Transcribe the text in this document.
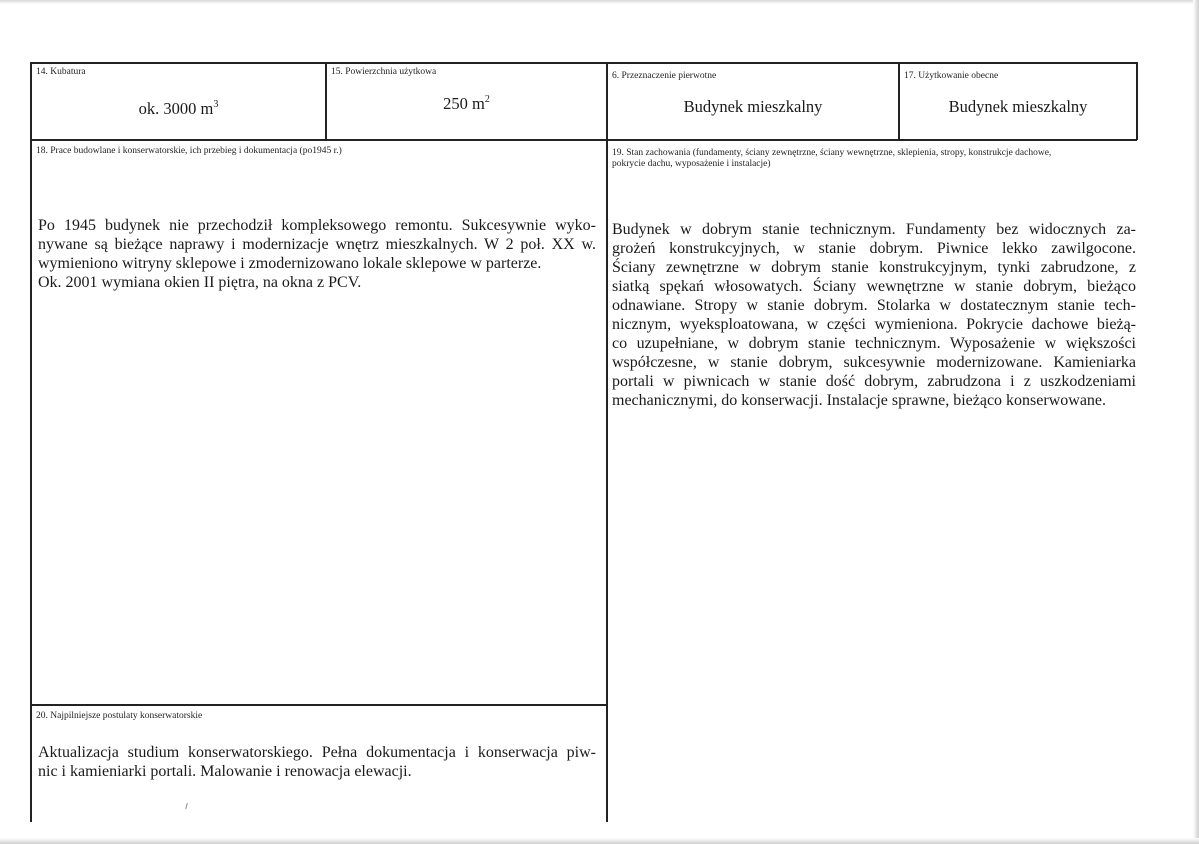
14. Kubatura
ok. 3000 $m^3$
15. Powierzchnia użytkowa
250 $m^2$
6. Przeznaczenie pierwotne
Budynek mieszkalny
17. Użytkowanie obecne
Budynek mieszkalny
18. Prace budowlane i konserwatorskie, ich przebieg i dokumentacja (po1945 r.)
Po 1945 budynek nie przechodził kompleksowego remontu. Sukcesywnie wyko-
nywane są bieżące naprawy i modernizacje wnętrz mieszkalnych. W 2 poł. XX w.
wymieniono witryny sklepowe i zmodernizowano lokale sklepowe w parterze.
Ok. 2001 wymiana okien II piętra, na okna z PCV.
19. Stan zachowania (fundamenty, ściany zewnętrzne, ściany wewnętrzne, sklepienia, stropy, konstrukcje dachowe,
pokrycie dachu, wyposażenie i instalacje)
Budynek w dobrym stanie technicznym. Fundamenty bez widocznych za-
grożeń konstrukcyjnych, w stanie dobrym. Piwnice lekko zawilgocone.
Ściany zewnętrzne w dobrym stanie konstrukcyjnym, tynki zabrudzone, z
siatką spękań włosowatych. Ściany wewnętrzne w stanie dobrym, bieżąco
odnawiane. Stropy w stanie dobrym. Stolarka w dostatecznym stanie tech-
nicznym, wyeksploatowana, w części wymieniona. Pokrycie dachowe bieżą-
co uzupełniane, w dobrym stanie technicznym. Wyposażenie w większości
współczesne, w stanie dobrym, sukcesywnie modernizowane. Kamieniarka
portali w piwnicach w stanie dość dobrym, zabrudzona i z uszkodzeniami
mechanicznymi, do konserwacji. Instalacje sprawne, bieżąco konserwowane.
20. Najpilniejsze postulaty konserwatorskie
Aktualizacja studium konserwatorskiego. Pełna dokumentacja i konserwacja piw-
nic i kamieniarki portali. Malowanie i renowacja elewacji.
